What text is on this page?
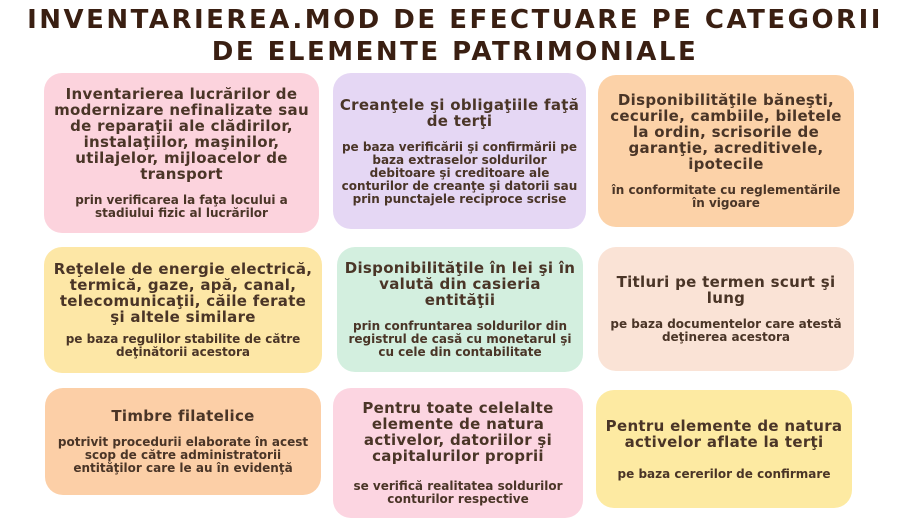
INVENTARIEREA.MOD DE EFECTUARE PE CATEGORII
DE ELEMENTE PATRIMONIALE
Inventarierea lucrărilor de modernizare nefinalizate sau de reparaţii ale clădirilor, instalaţiilor, maşinilor, utilajelor, mijloacelor de transport
prin verificarea la faţa locului a stadiului fizic al lucrărilor
Creanţele şi obligaţiile faţă de terţi
pe baza verificării şi confirmării pe baza extraselor soldurilor debitoare şi creditoare ale conturilor de creanţe şi datorii sau prin punctajele reciproce scrise
Disponibilităţile băneşti, cecurile, cambiile, biletele la ordin, scrisorile de garanţie, acreditivele, ipotecile
în conformitate cu reglementările în vigoare
Reţelele de energie electrică, termică, gaze, apă, canal, telecomunicaţii, căile ferate şi altele similare
pe baza regulilor stabilite de către deţinătorii acestora
Disponibilităţile în lei şi în valută din casieria entităţii
prin confruntarea soldurilor din registrul de casă cu monetarul şi cu cele din contabilitate
Titluri pe termen scurt şi lung
pe baza documentelor care atestă deţinerea acestora
Timbre filatelice
potrivit procedurii elaborate în acest scop de către administratorii entităţilor care le au în evidenţă
Pentru toate celelalte elemente de natura activelor, datoriilor şi capitalurilor proprii
se verifică realitatea soldurilor conturilor respective
Pentru elemente de natura activelor aflate la terţi
pe baza cererilor de confirmare
